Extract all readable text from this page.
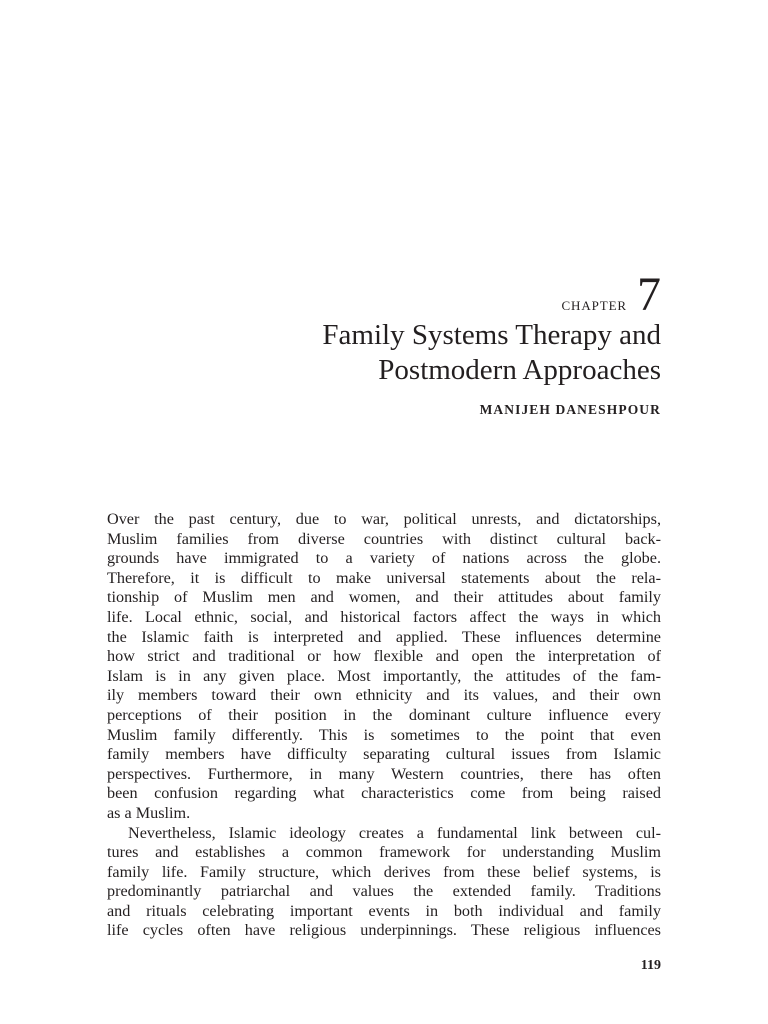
CHAPTER 7
Family Systems Therapy and
Postmodern Approaches
MANIJEH DANESHPOUR

Over the past century, due to war, political unrests, and dictatorships,
Muslim families from diverse countries with distinct cultural back-
grounds have immigrated to a variety of nations across the globe.
Therefore, it is difficult to make universal statements about the rela-
tionship of Muslim men and women, and their attitudes about family
life. Local ethnic, social, and historical factors affect the ways in which
the Islamic faith is interpreted and applied. These influences determine
how strict and traditional or how flexible and open the interpretation of
Islam is in any given place. Most importantly, the attitudes of the fam-
ily members toward their own ethnicity and its values, and their own
perceptions of their position in the dominant culture influence every
Muslim family differently. This is sometimes to the point that even
family members have difficulty separating cultural issues from Islamic
perspectives. Furthermore, in many Western countries, there has often
been confusion regarding what characteristics come from being raised
as a Muslim.

Nevertheless, Islamic ideology creates a fundamental link between cul-
tures and establishes a common framework for understanding Muslim
family life. Family structure, which derives from these belief systems, is
predominantly patriarchal and values the extended family. Traditions
and rituals celebrating important events in both individual and family
life cycles often have religious underpinnings. These religious influences

119
